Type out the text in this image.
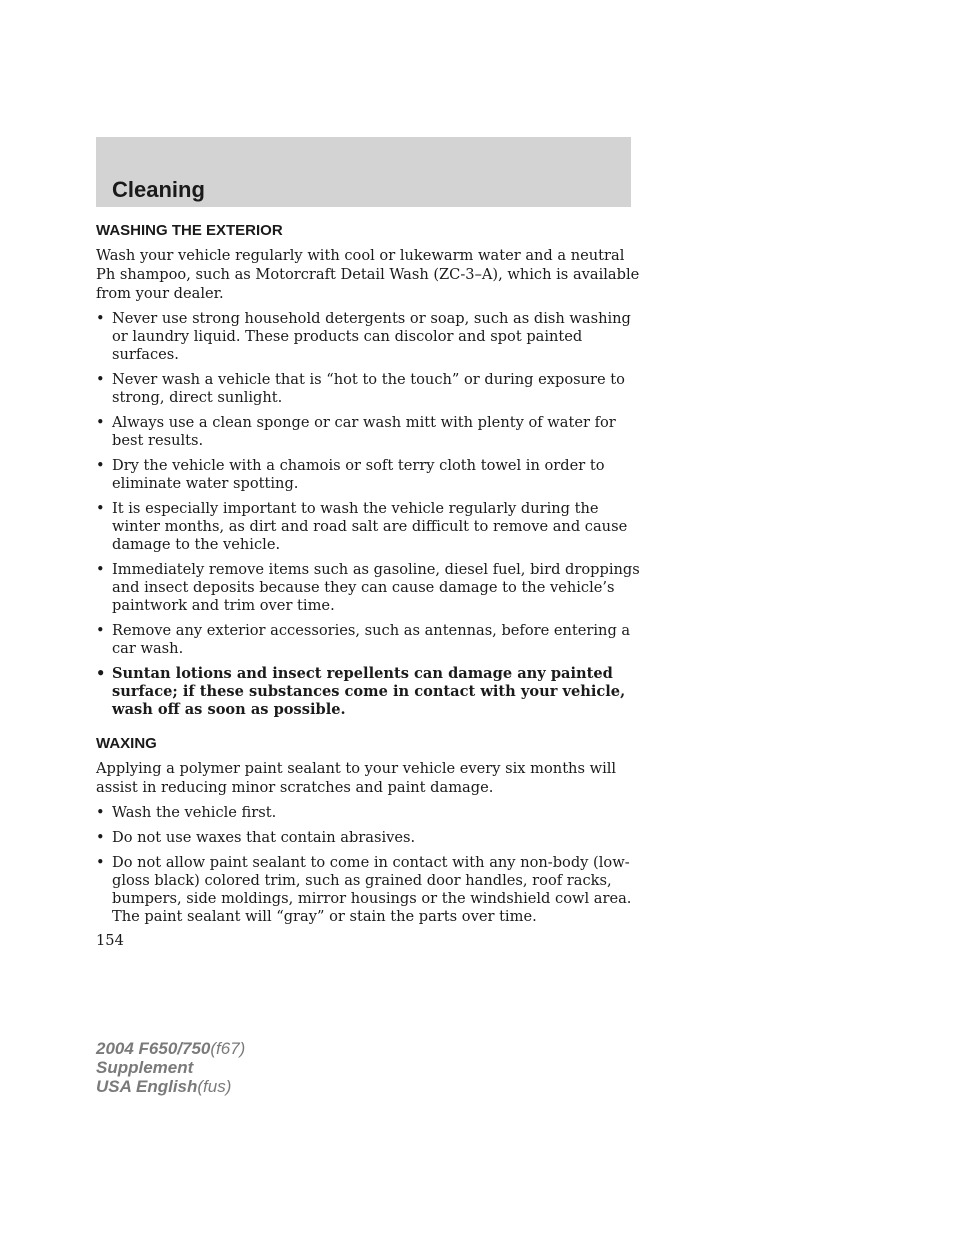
Cleaning
WASHING THE EXTERIOR

Wash your vehicle regularly with cool or lukewarm water and a neutral Ph shampoo, such as Motorcraft Detail Wash (ZC-3–A), which is available from your dealer.

• Never use strong household detergents or soap, such as dish washing or laundry liquid. These products can discolor and spot painted surfaces.
• Never wash a vehicle that is “hot to the touch” or during exposure to strong, direct sunlight.
• Always use a clean sponge or car wash mitt with plenty of water for best results.
• Dry the vehicle with a chamois or soft terry cloth towel in order to eliminate water spotting.
• It is especially important to wash the vehicle regularly during the winter months, as dirt and road salt are difficult to remove and cause damage to the vehicle.
• Immediately remove items such as gasoline, diesel fuel, bird droppings and insect deposits because they can cause damage to the vehicle’s paintwork and trim over time.
• Remove any exterior accessories, such as antennas, before entering a car wash.
• Suntan lotions and insect repellents can damage any painted surface; if these substances come in contact with your vehicle, wash off as soon as possible.
WAXING

Applying a polymer paint sealant to your vehicle every six months will assist in reducing minor scratches and paint damage.

• Wash the vehicle first.
• Do not use waxes that contain abrasives.
• Do not allow paint sealant to come in contact with any non-body (low-gloss black) colored trim, such as grained door handles, roof racks, bumpers, side moldings, mirror housings or the windshield cowl area. The paint sealant will “gray” or stain the parts over time.
154
2004 F650/750(f67)
Supplement
USA English(fus)
